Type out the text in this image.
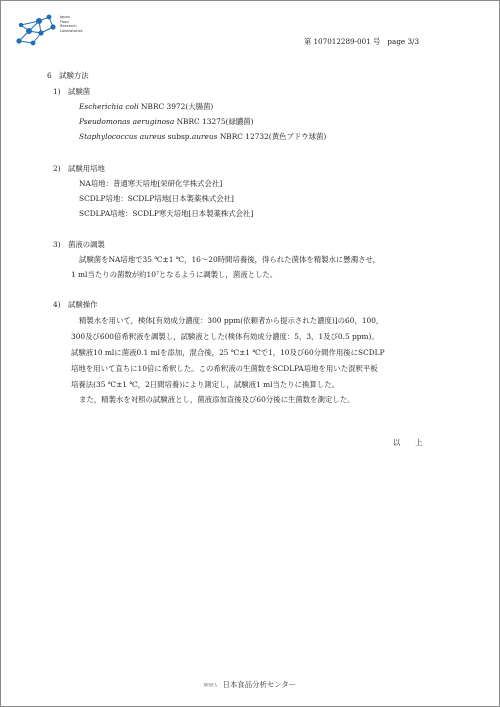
Japan
Food
Research
Laboratories
第 107012289-001 号　page 3/3
6　試験方法
1)　試験菌
Escherichia coli NBRC 3972(大腸菌)
Pseudomonas aeruginosa NBRC 13275(緑膿菌)
Staphylococcus aureus subsp.aureus NBRC 12732(黄色ブドウ球菌)
2)　試験用培地
NA培地：普通寒天培地[栄研化学株式会社]
SCDLP培地：SCDLP培地[日本製薬株式会社]
SCDLPA培地：SCDLP寒天培地[日本製薬株式会社]
3)　菌液の調製
試験菌をNA培地で35 ℃±1 ℃，16～20時間培養後，得られた菌体を精製水に懸濁させ，
1 ml当たりの菌数が約10⁷となるように調製し，菌液とした。
4)　試験操作
精製水を用いて，検体[有効成分濃度：300 ppm(依頼者から提示された濃度)]の60，100，
300及び600倍希釈液を調製し，試験液とした(検体有効成分濃度：5，3，1及び0.5 ppm)。
試験液10 mlに菌液0.1 mlを添加，混合後，25 ℃±1 ℃で1，10及び60分間作用後にSCDLP
培地を用いて直ちに10倍に希釈した。この希釈液の生菌数をSCDLPA培地を用いた混釈平板
培養法(35 ℃±1 ℃，2日間培養)により測定し，試験液1 ml当たりに換算した。
また，精製水を対照の試験液とし，菌液添加直後及び60分後に生菌数を測定した。
以　　上
財団法人 日本食品分析センター
